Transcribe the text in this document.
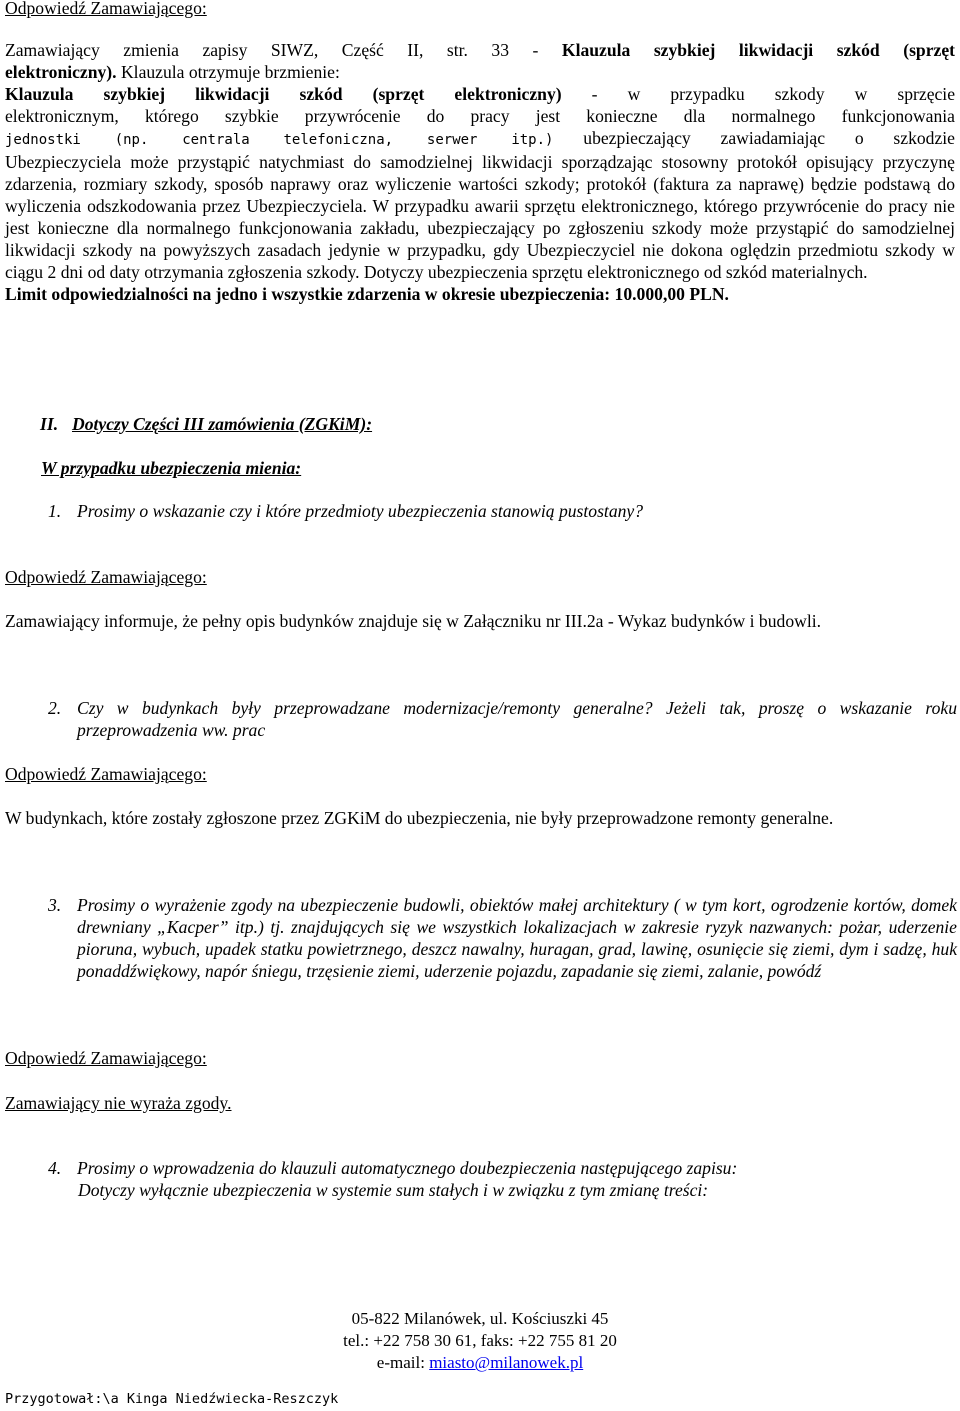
Odpowiedź Zamawiającego:
Zamawiający zmienia zapisy SIWZ, Część II, str. 33 - Klauzula szybkiej likwidacji szkód (sprzęt
elektroniczny). Klauzula otrzymuje brzmienie:
Klauzula szybkiej likwidacji szkód (sprzęt elektroniczny) - w przypadku szkody w sprzęcie
elektronicznym, którego szybkie przywrócenie do pracy jest konieczne dla normalnego funkcjonowania
jednostki (np. centrala telefoniczna, serwer itp.) ubezpieczający zawiadamiając o szkodzie
Ubezpieczyciela może przystąpić natychmiast do samodzielnej likwidacji sporządzając stosowny protokół opisujący przyczynę zdarzenia, rozmiary szkody, sposób naprawy oraz wyliczenie wartości szkody; protokół (faktura za naprawę) będzie podstawą do wyliczenia odszkodowania przez Ubezpieczyciela. W przypadku awarii sprzętu elektronicznego, którego przywrócenie do pracy nie jest konieczne dla normalnego funkcjonowania zakładu, ubezpieczający po zgłoszeniu szkody może przystąpić do samodzielnej likwidacji szkody na powyższych zasadach jedynie w przypadku, gdy Ubezpieczyciel nie dokona oględzin przedmiotu szkody w ciągu 2 dni od daty otrzymania zgłoszenia szkody. Dotyczy ubezpieczenia sprzętu elektronicznego od szkód materialnych.
Limit odpowiedzialności na jedno i wszystkie zdarzenia w okresie ubezpieczenia: 10.000,00 PLN.
II. Dotyczy Części III zamówienia (ZGKiM):
W przypadku ubezpieczenia mienia:
1. Prosimy o wskazanie czy i które przedmioty ubezpieczenia stanowią pustostany?
Odpowiedź Zamawiającego:
Zamawiający informuje, że pełny opis budynków znajduje się w Załączniku nr III.2a - Wykaz budynków i budowli.
2. Czy w budynkach były przeprowadzane modernizacje/remonty generalne? Jeżeli tak, proszę o wskazanie roku przeprowadzenia ww. prac
Odpowiedź Zamawiającego:
W budynkach, które zostały zgłoszone przez ZGKiM do ubezpieczenia, nie były przeprowadzone remonty generalne.
3. Prosimy o wyrażenie zgody na ubezpieczenie budowli, obiektów małej architektury ( w tym kort, ogrodzenie kortów, domek drewniany „Kacper” itp.) tj. znajdujących się we wszystkich lokalizacjach w zakresie ryzyk nazwanych: pożar, uderzenie pioruna, wybuch, upadek statku powietrznego, deszcz nawalny, huragan, grad, lawinę, osunięcie się ziemi, dym i sadzę, huk ponaddźwiękowy, napór śniegu, trzęsienie ziemi, uderzenie pojazdu, zapadanie się ziemi, zalanie, powódź
Odpowiedź Zamawiającego:
Zamawiający nie wyraża zgody.
4. Prosimy o wprowadzenia do klauzuli automatycznego doubezpieczenia następującego zapisu:
Dotyczy wyłącznie ubezpieczenia w systemie sum stałych i w związku z tym zmianę treści:
05-822 Milanówek, ul. Kościuszki 45
tel.: +22 758 30 61, faks: +22 755 81 20
e-mail: miasto@milanowek.pl
Przygotował:\a Kinga Niedźwiecka-Reszczyk
